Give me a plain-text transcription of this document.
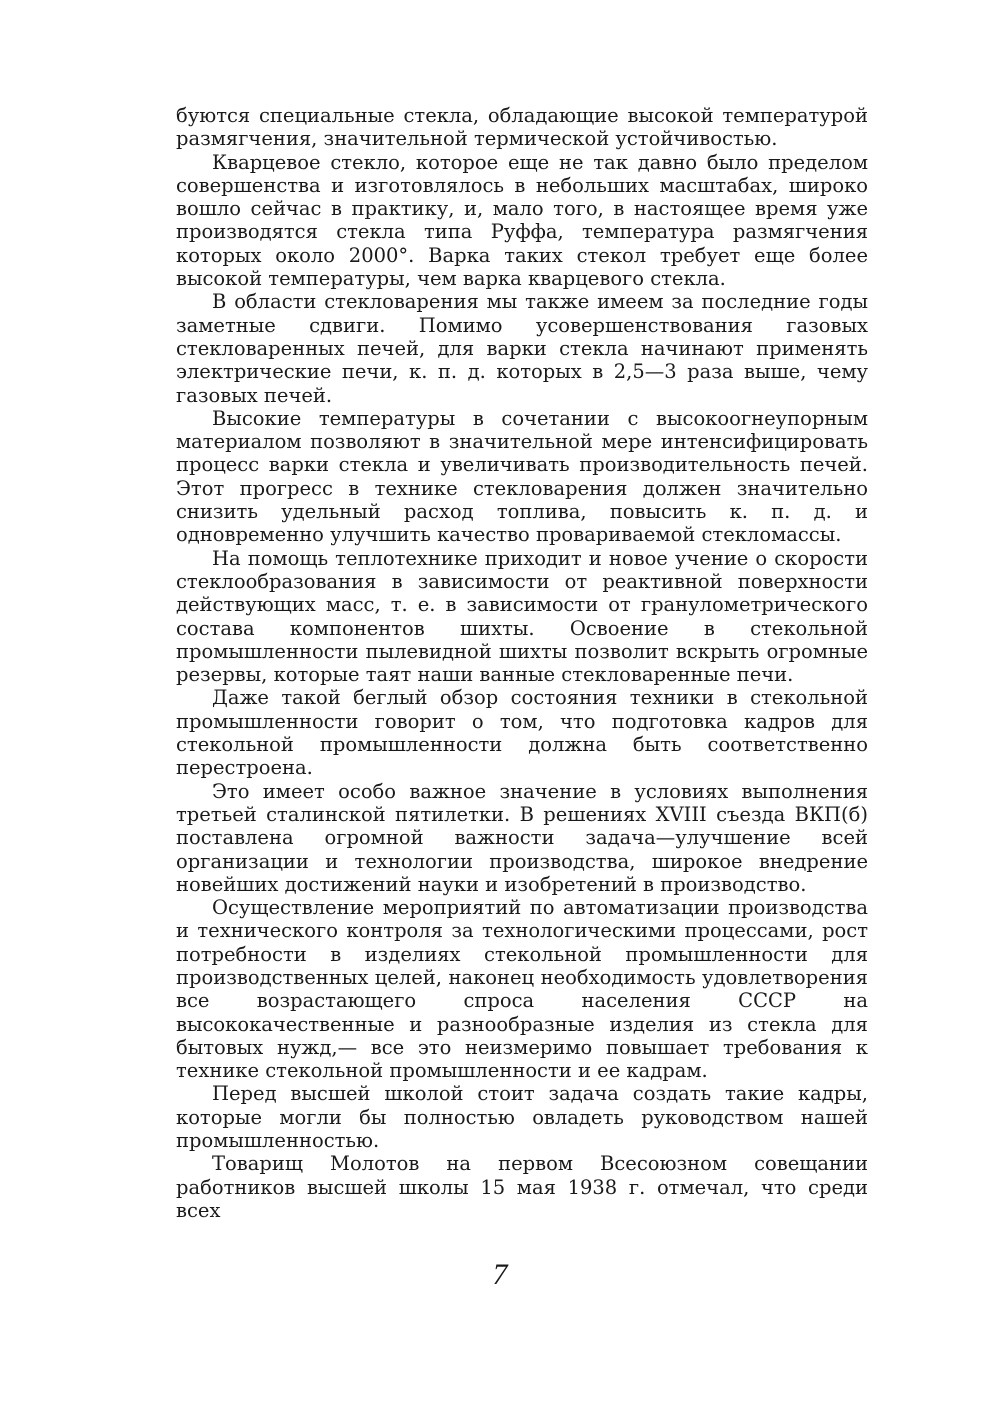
буются специальные стекла, обладающие высокой температурой размягчения, значительной термической устойчивостью.

Кварцевое стекло, которое еще не так давно было пределом совершенства и изготовлялось в небольших масштабах, широко вошло сейчас в практику, и, мало того, в настоящее время уже производятся стекла типа Руффа, температура размягчения которых около 2000°. Варка таких стекол требует еще более высокой температуры, чем варка кварцевого стекла.

В области стекловарения мы также имеем за последние годы заметные сдвиги. Помимо усовершенствования газовых стекловаренных печей, для варки стекла начинают применять электрические печи, к. п. д. которых в 2,5—3 раза выше, чему газовых печей.

Высокие температуры в сочетании с высокоогнеупорным материалом позволяют в значительной мере интенсифицировать процесс варки стекла и увеличивать производительность печей. Этот прогресс в технике стекловарения должен значительно снизить удельный расход топлива, повысить к. п. д. и одновременно улучшить качество провариваемой стекломассы.

На помощь теплотехнике приходит и новое учение о скорости стеклообразования в зависимости от реактивной поверхности действующих масс, т. е. в зависимости от гранулометрического состава компонентов шихты. Освоение в стекольной промышленности пылевидной шихты позволит вскрыть огромные резервы, которые таят наши ванные стекловаренные печи.

Даже такой беглый обзор состояния техники в стекольной промышленности говорит о том, что подготовка кадров для стекольной промышленности должна быть соответственно перестроена.

Это имеет особо важное значение в условиях выполнения третьей сталинской пятилетки. В решениях XVIII съезда ВКП(б) поставлена огромной важности задача—улучшение всей организации и технологии производства, широкое внедрение новейших достижений науки и изобретений в производство.

Осуществление мероприятий по автоматизации производства и технического контроля за технологическими процессами, рост потребности в изделиях стекольной промышленности для производственных целей, наконец необходимость удовлетворения все возрастающего спроса населения СССР на высококачественные и разнообразные изделия из стекла для бытовых нужд,— все это неизмеримо повышает требования к технике стекольной промышленности и ее кадрам.

Перед высшей школой стоит задача создать такие кадры, которые могли бы полностью овладеть руководством нашей промышленностью.

Товарищ Молотов на первом Всесоюзном совещании работников высшей школы 15 мая 1938 г. отмечал, что среди всех

7
